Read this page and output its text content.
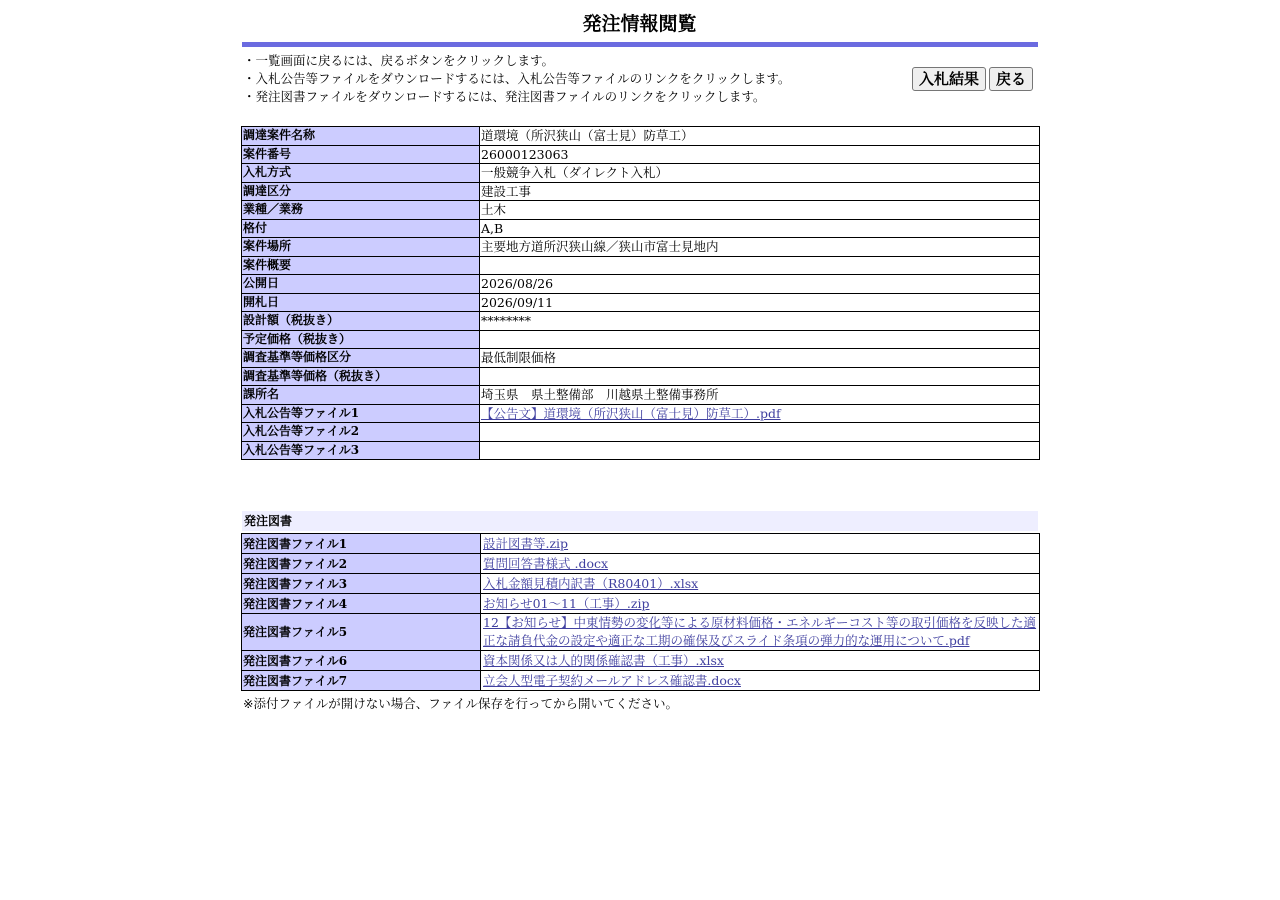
発注情報閲覧
・一覧画面に戻るには、戻るボタンをクリックします。
・入札公告等ファイルをダウンロードするには、入札公告等ファイルのリンクをクリックします。
・発注図書ファイルをダウンロードするには、発注図書ファイルのリンクをクリックします。
入札結果	戻る
調達案件名称	道環境（所沢狭山（富士見）防草工）
案件番号	26000123063
入札方式	一般競争入札（ダイレクト入札）
調達区分	建設工事
業種／業務	土木
格付	A,B
案件場所	主要地方道所沢狭山線／狭山市富士見地内
案件概要	
公開日	2026/08/26
開札日	2026/09/11
設計額（税抜き）	********
予定価格（税抜き）	
調査基準等価格区分	最低制限価格
調査基準等価格（税抜き）	
課所名	埼玉県　県土整備部　川越県土整備事務所
入札公告等ファイル1	【公告文】道環境（所沢狭山（富士見）防草工）.pdf
入札公告等ファイル2	
入札公告等ファイル3	
発注図書
発注図書ファイル1	設計図書等.zip
発注図書ファイル2	質問回答書様式 .docx
発注図書ファイル3	入札金額見積内訳書（R80401）.xlsx
発注図書ファイル4	お知らせ01～11（工事）.zip
発注図書ファイル5	12【お知らせ】中東情勢の変化等による原材料価格・エネルギーコスト等の取引価格を反映した適正な請負代金の設定や適正な工期の確保及びスライド条項の弾力的な運用について.pdf
発注図書ファイル6	資本関係又は人的関係確認書（工事）.xlsx
発注図書ファイル7	立会人型電子契約メールアドレス確認書.docx
※添付ファイルが開けない場合、ファイル保存を行ってから開いてください。
